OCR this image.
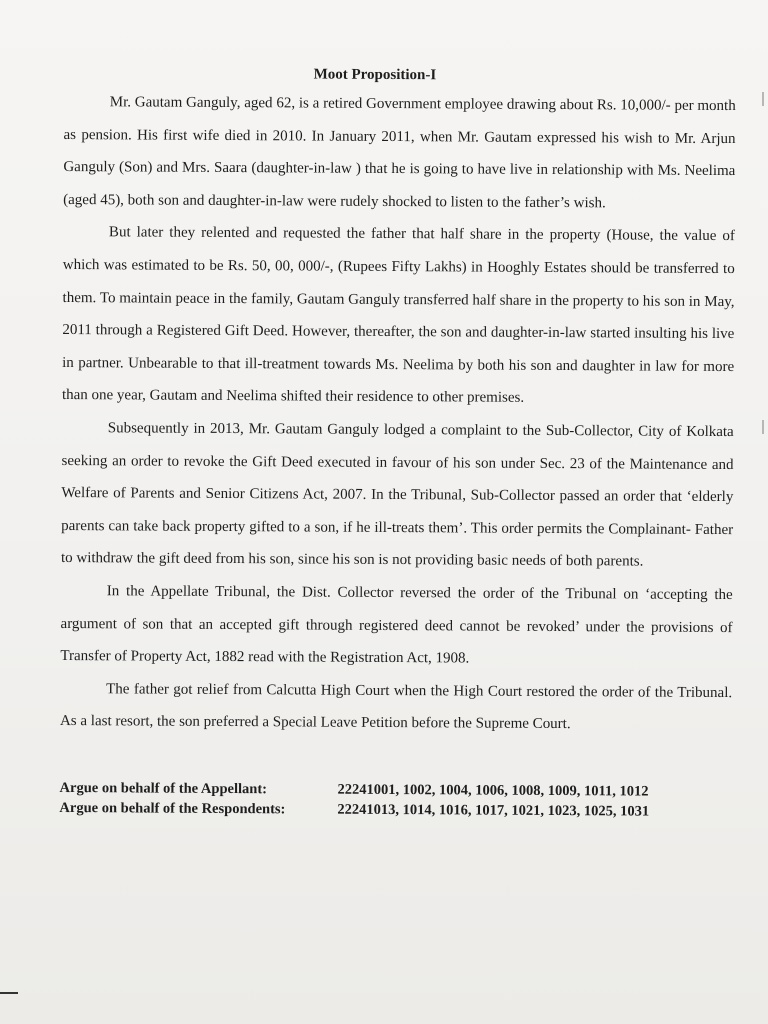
Moot Proposition-I

Mr. Gautam Ganguly, aged 62, is a retired Government employee drawing about Rs. 10,000/- per month as pension. His first wife died in 2010. In January 2011, when Mr. Gautam expressed his wish to Mr. Arjun Ganguly (Son) and Mrs. Saara (daughter-in-law ) that he is going to have live in relationship with Ms. Neelima (aged 45), both son and daughter-in-law were rudely shocked to listen to the father’s wish.

But later they relented and requested the father that half share in the property (House, the value of which was estimated to be Rs. 50, 00, 000/-, (Rupees Fifty Lakhs) in Hooghly Estates should be transferred to them. To maintain peace in the family, Gautam Ganguly transferred half share in the property to his son in May, 2011 through a Registered Gift Deed. However, thereafter, the son and daughter-in-law started insulting his live in partner. Unbearable to that ill-treatment towards Ms. Neelima by both his son and daughter in law for more than one year, Gautam and Neelima shifted their residence to other premises.

Subsequently in 2013, Mr. Gautam Ganguly lodged a complaint to the Sub-Collector, City of Kolkata seeking an order to revoke the Gift Deed executed in favour of his son under Sec. 23 of the Maintenance and Welfare of Parents and Senior Citizens Act, 2007. In the Tribunal, Sub-Collector passed an order that ‘elderly parents can take back property gifted to a son, if he ill-treats them’. This order permits the Complainant- Father to withdraw the gift deed from his son, since his son is not providing basic needs of both parents.

In the Appellate Tribunal, the Dist. Collector reversed the order of the Tribunal on ‘accepting the argument of son that an accepted gift through registered deed cannot be revoked’ under the provisions of Transfer of Property Act, 1882 read with the Registration Act, 1908.

The father got relief from Calcutta High Court when the High Court restored the order of the Tribunal. As a last resort, the son preferred a Special Leave Petition before the Supreme Court.

Argue on behalf of the Appellant:	22241001, 1002, 1004, 1006, 1008, 1009, 1011, 1012
Argue on behalf of the Respondents:	22241013, 1014, 1016, 1017, 1021, 1023, 1025, 1031
